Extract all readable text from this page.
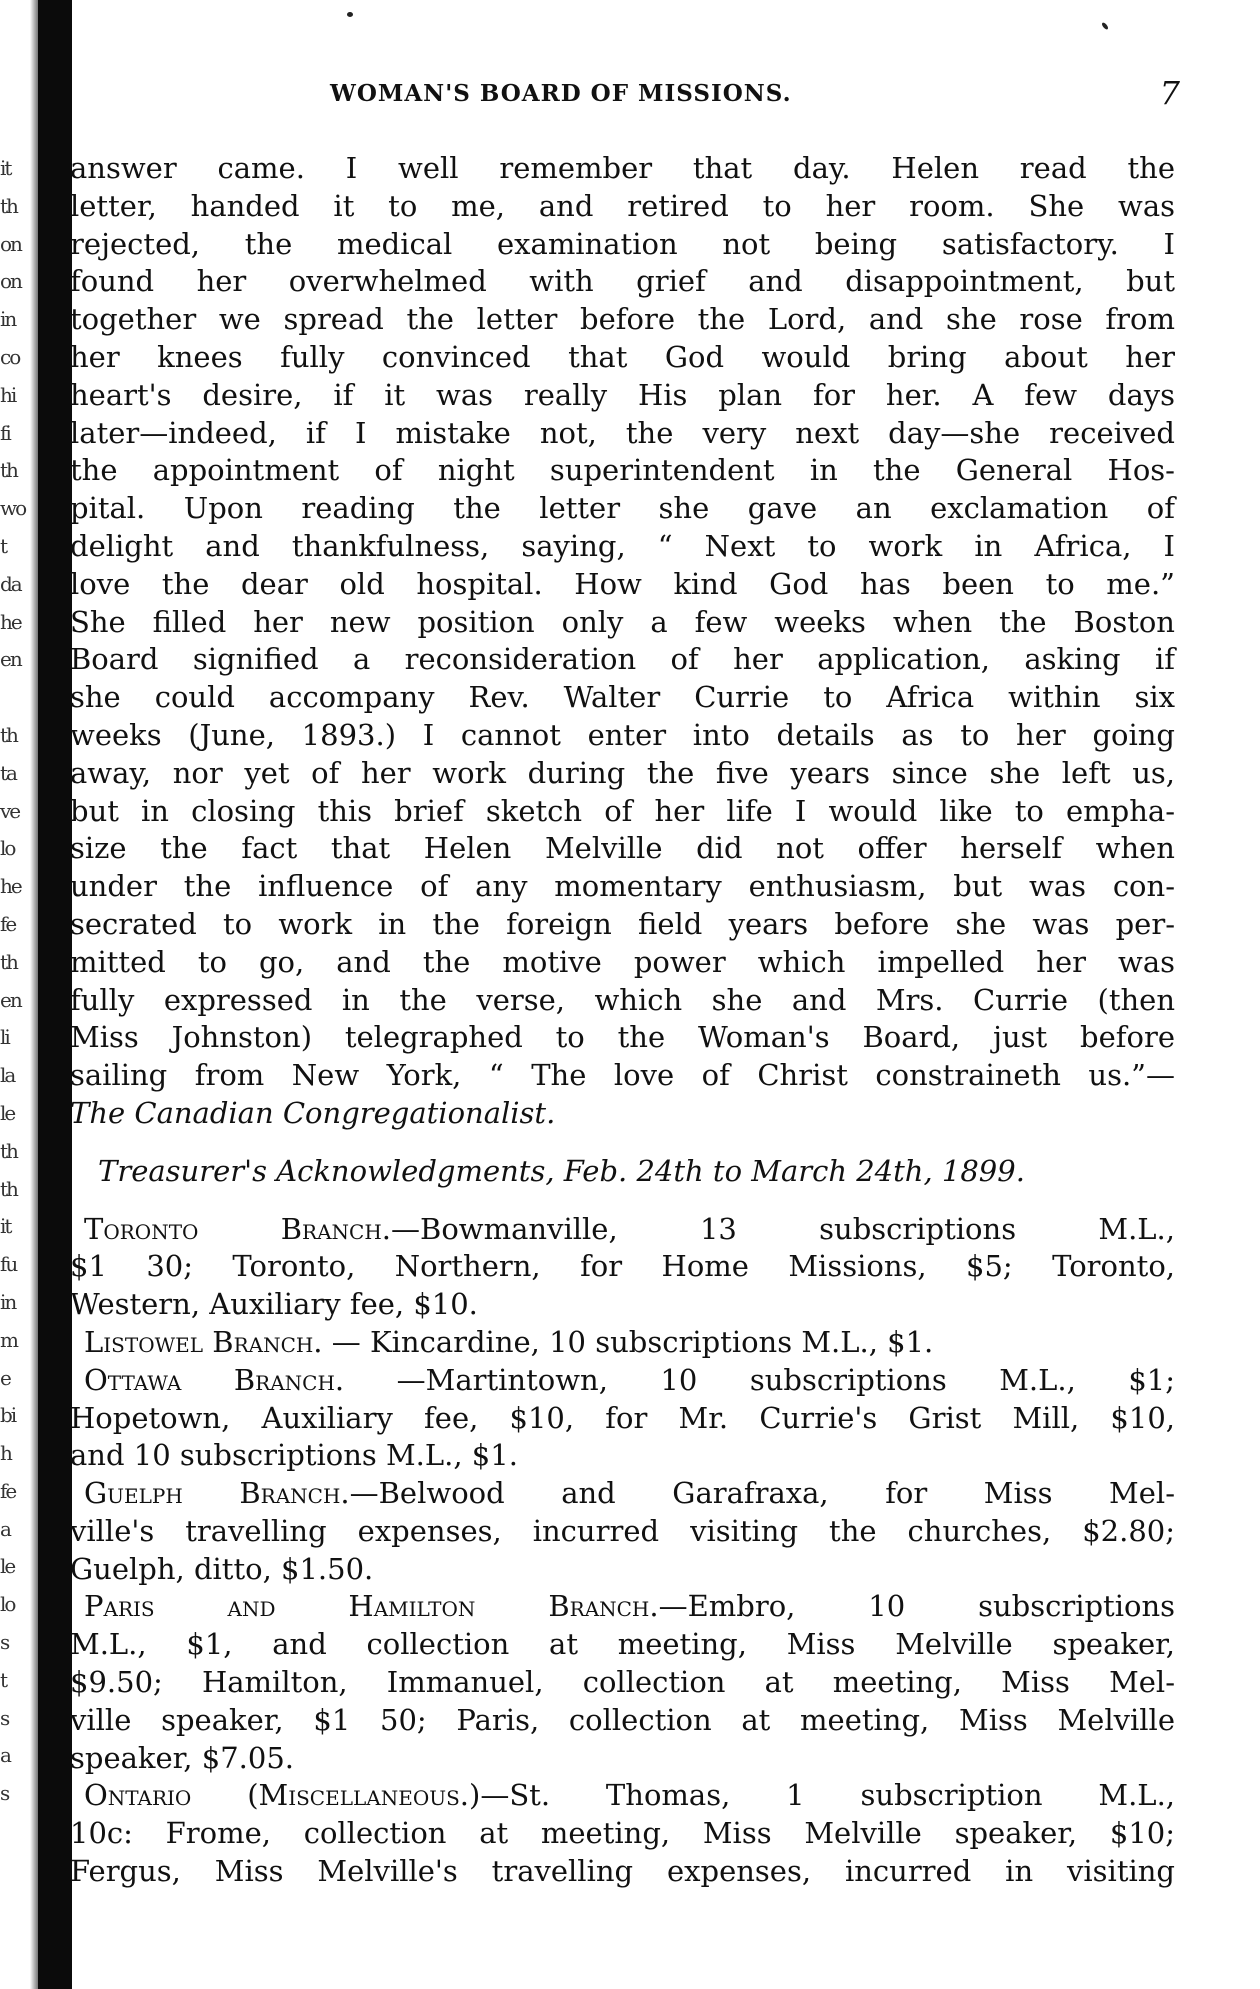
it
th
on
on
in
co
hi
fi
th
wo
t
da
he
en
th
ta
ve
lo
he
fe
th
en
li
la
le
th
th
it
fu
in
m
e
bi
h
fe
a
le
lo
s
t
s
a
s
WOMAN'S BOARD OF MISSIONS.	7
answer came. I well remember that day. Helen read the
letter, handed it to me, and retired to her room. She was
rejected, the medical examination not being satisfactory. I
found her overwhelmed with grief and disappointment, but
together we spread the letter before the Lord, and she rose from
her knees fully convinced that God would bring about her
heart's desire, if it was really His plan for her. A few days
later—indeed, if I mistake not, the very next day—she received
the appointment of night superintendent in the General Hos-
pital. Upon reading the letter she gave an exclamation of
delight and thankfulness, saying, “ Next to work in Africa, I
love the dear old hospital. How kind God has been to me.”
She filled her new position only a few weeks when the Boston
Board signified a reconsideration of her application, asking if
she could accompany Rev. Walter Currie to Africa within six
weeks (June, 1893.) I cannot enter into details as to her going
away, nor yet of her work during the five years since she left us,
but in closing this brief sketch of her life I would like to empha-
size the fact that Helen Melville did not offer herself when
under the influence of any momentary enthusiasm, but was con-
secrated to work in the foreign field years before she was per-
mitted to go, and the motive power which impelled her was
fully expressed in the verse, which she and Mrs. Currie (then
Miss Johnston) telegraphed to the Woman's Board, just before
sailing from New York, “ The love of Christ constraineth us.”—
The Canadian Congregationalist.
Treasurer's Acknowledgments, Feb. 24th to March 24th, 1899.
Toronto Branch.—Bowmanville, 13 subscriptions M.L.,
$1 30; Toronto, Northern, for Home Missions, $5; Toronto,
Western, Auxiliary fee, $10.
Listowel Branch. — Kincardine, 10 subscriptions M.L., $1.
Ottawa Branch. —Martintown, 10 subscriptions M.L., $1;
Hopetown, Auxiliary fee, $10, for Mr. Currie's Grist Mill, $10,
and 10 subscriptions M.L., $1.
Guelph Branch.—Belwood and Garafraxa, for Miss Mel-
ville's travelling expenses, incurred visiting the churches, $2.80;
Guelph, ditto, $1.50.
Paris and Hamilton Branch.—Embro, 10 subscriptions
M.L., $1, and collection at meeting, Miss Melville speaker,
$9.50; Hamilton, Immanuel, collection at meeting, Miss Mel-
ville speaker, $1 50; Paris, collection at meeting, Miss Melville
speaker, $7.05.
Ontario (Miscellaneous.)—St. Thomas, 1 subscription M.L.,
10c: Frome, collection at meeting, Miss Melville speaker, $10;
Fergus, Miss Melville's travelling expenses, incurred in visiting
